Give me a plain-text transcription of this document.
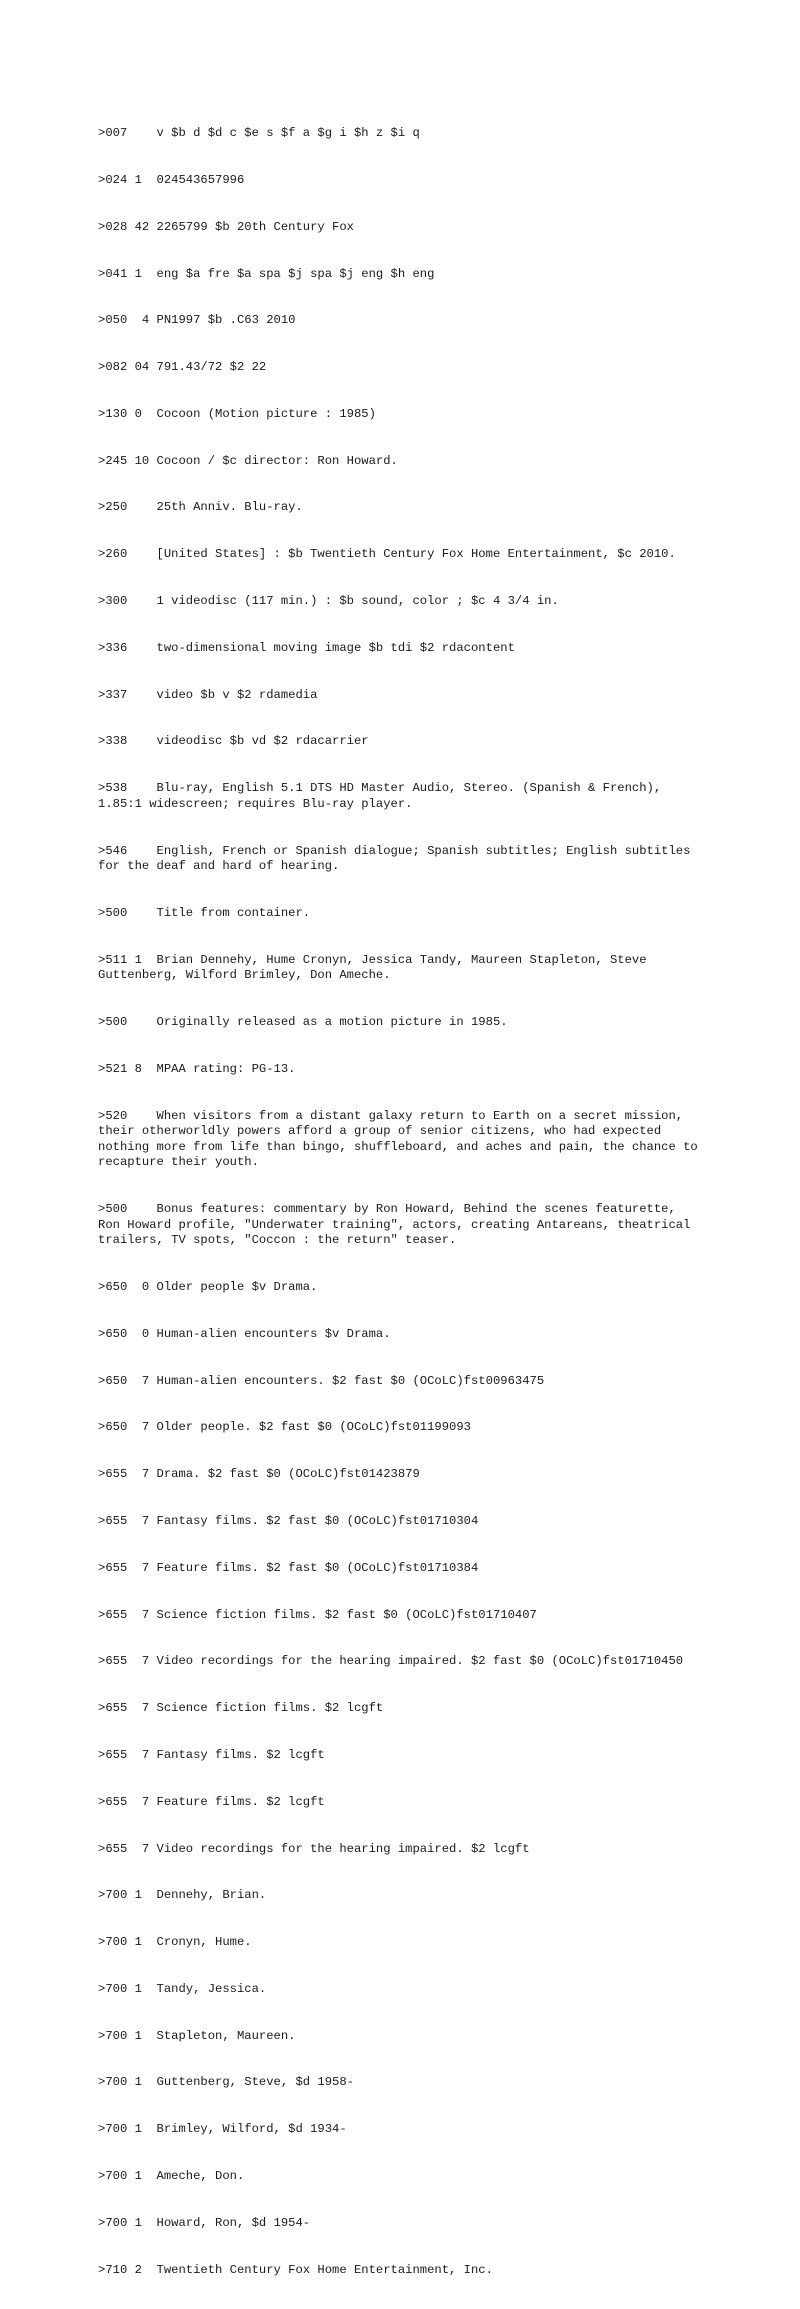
>007    v $b d $d c $e s $f a $g i $h z $i q

>024 1  024543657996

>028 42 2265799 $b 20th Century Fox

>041 1  eng $a fre $a spa $j spa $j eng $h eng

>050  4 PN1997 $b .C63 2010

>082 04 791.43/72 $2 22

>130 0  Cocoon (Motion picture : 1985)

>245 10 Cocoon / $c director: Ron Howard.

>250    25th Anniv. Blu-ray.

>260    [United States] : $b Twentieth Century Fox Home Entertainment, $c 2010.

>300    1 videodisc (117 min.) : $b sound, color ; $c 4 3/4 in.

>336    two-dimensional moving image $b tdi $2 rdacontent

>337    video $b v $2 rdamedia

>338    videodisc $b vd $2 rdacarrier

>538    Blu-ray, English 5.1 DTS HD Master Audio, Stereo. (Spanish & French), 1.85:1 widescreen; requires Blu-ray player.

>546    English, French or Spanish dialogue; Spanish subtitles; English subtitles for the deaf and hard of hearing.

>500    Title from container.

>511 1  Brian Dennehy, Hume Cronyn, Jessica Tandy, Maureen Stapleton, Steve Guttenberg, Wilford Brimley, Don Ameche.

>500    Originally released as a motion picture in 1985.

>521 8  MPAA rating: PG-13.

>520    When visitors from a distant galaxy return to Earth on a secret mission, their otherworldly powers afford a group of senior citizens, who had expected nothing more from life than bingo, shuffleboard, and aches and pain, the chance to recapture their youth.

>500    Bonus features: commentary by Ron Howard, Behind the scenes featurette, Ron Howard profile, "Underwater training", actors, creating Antareans, theatrical trailers, TV spots, "Coccon : the return" teaser.

>650  0 Older people $v Drama.

>650  0 Human-alien encounters $v Drama.

>650  7 Human-alien encounters. $2 fast $0 (OCoLC)fst00963475

>650  7 Older people. $2 fast $0 (OCoLC)fst01199093

>655  7 Drama. $2 fast $0 (OCoLC)fst01423879

>655  7 Fantasy films. $2 fast $0 (OCoLC)fst01710304

>655  7 Feature films. $2 fast $0 (OCoLC)fst01710384

>655  7 Science fiction films. $2 fast $0 (OCoLC)fst01710407

>655  7 Video recordings for the hearing impaired. $2 fast $0 (OCoLC)fst01710450

>655  7 Science fiction films. $2 lcgft

>655  7 Fantasy films. $2 lcgft

>655  7 Feature films. $2 lcgft

>655  7 Video recordings for the hearing impaired. $2 lcgft

>700 1  Dennehy, Brian.

>700 1  Cronyn, Hume.

>700 1  Tandy, Jessica.

>700 1  Stapleton, Maureen.

>700 1  Guttenberg, Steve, $d 1958-

>700 1  Brimley, Wilford, $d 1934-

>700 1  Ameche, Don.

>700 1  Howard, Ron, $d 1954-

>710 2  Twentieth Century Fox Home Entertainment, Inc.
